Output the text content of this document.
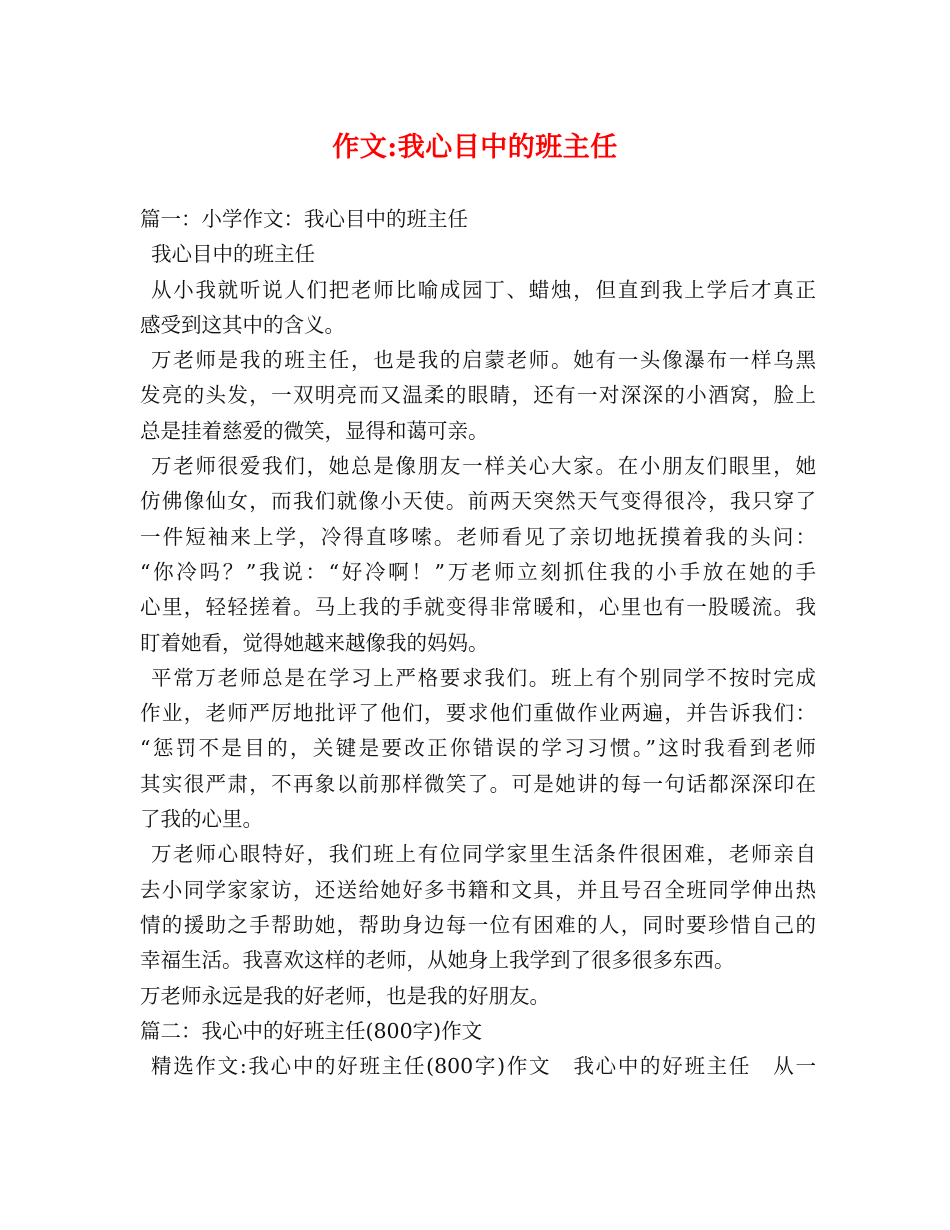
作文:我心目中的班主任
篇一：小学作文：我心目中的班主任
我心目中的班主任
从小我就听说人们把老师比喻成园丁、蜡烛，但直到我上学后才真正
感受到这其中的含义。
万老师是我的班主任，也是我的启蒙老师。她有一头像瀑布一样乌黑
发亮的头发，一双明亮而又温柔的眼睛，还有一对深深的小酒窝，脸上
总是挂着慈爱的微笑，显得和蔼可亲。
万老师很爱我们，她总是像朋友一样关心大家。在小朋友们眼里，她
仿佛像仙女，而我们就像小天使。前两天突然天气变得很冷，我只穿了
一件短袖来上学，冷得直哆嗦。老师看见了亲切地抚摸着我的头问：
“你冷吗？”我说：“好冷啊！”万老师立刻抓住我的小手放在她的手
心里，轻轻搓着。马上我的手就变得非常暖和，心里也有一股暖流。我
盯着她看，觉得她越来越像我的妈妈。
平常万老师总是在学习上严格要求我们。班上有个别同学不按时完成
作业，老师严厉地批评了他们，要求他们重做作业两遍，并告诉我们：
“惩罚不是目的，关键是要改正你错误的学习习惯。”这时我看到老师
其实很严肃，不再象以前那样微笑了。可是她讲的每一句话都深深印在
了我的心里。
万老师心眼特好，我们班上有位同学家里生活条件很困难，老师亲自
去小同学家家访，还送给她好多书籍和文具，并且号召全班同学伸出热
情的援助之手帮助她，帮助身边每一位有困难的人，同时要珍惜自己的
幸福生活。我喜欢这样的老师，从她身上我学到了很多很多东西。
万老师永远是我的好老师，也是我的好朋友。
篇二：我心中的好班主任(800字)作文
精选作文:我心中的好班主任(800字)作文　我心中的好班主任　从一
